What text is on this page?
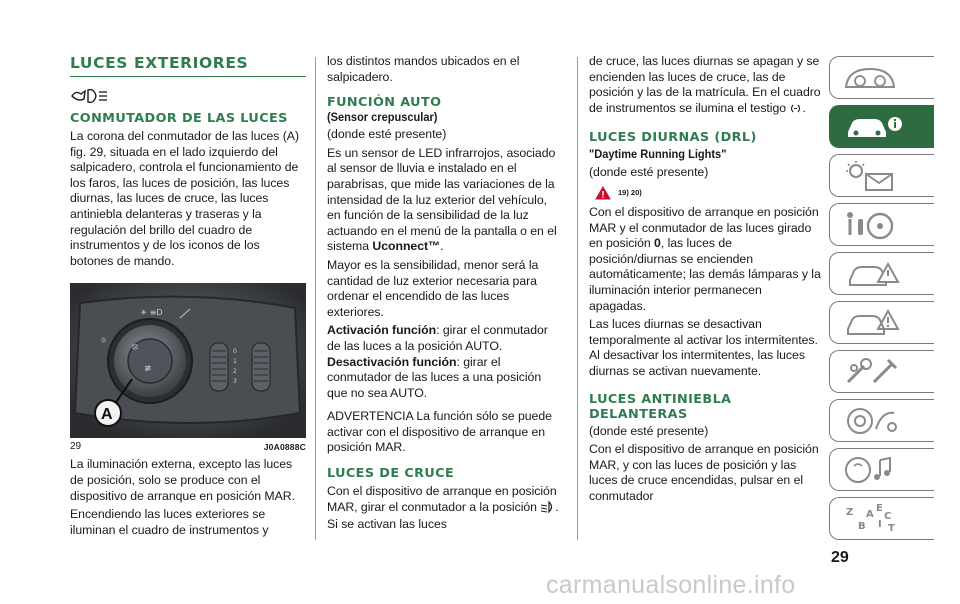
LUCES EXTERIORES
CONMUTADOR DE LAS LUCES
La corona del conmutador de las luces (A) fig. 29, situada en el lado izquierdo del salpicadero, controla el funcionamiento de los faros, las luces de posición, las luces diurnas, las luces de cruce, las luces antiniebla delanteras y traseras y la regulación del brillo del cuadro de instrumentos y de los iconos de los botones de mando.
⦻
≢
☀ ≡D
☼
0
1
2
3
A
29	J0A0888C
La iluminación externa, excepto las luces de posición, solo se produce con el dispositivo de arranque en posición MAR.
Encendiendo las luces exteriores se iluminan el cuadro de instrumentos y
los distintos mandos ubicados en el salpicadero.
FUNCIÓN AUTO
(Sensor crepuscular)
(donde esté presente)
Es un sensor de LED infrarrojos, asociado al sensor de lluvia e instalado en el parabrisas, que mide las variaciones de la intensidad de la luz exterior del vehículo, en función de la sensibilidad de la luz actuando en el menú de la pantalla o en el sistema Uconnect™.
Mayor es la sensibilidad, menor será la cantidad de luz exterior necesaria para ordenar el encendido de las luces exteriores.
Activación función: girar el conmutador de las luces a la posición AUTO.
Desactivación función: girar el conmutador de las luces a una posición que no sea AUTO.
ADVERTENCIA La función sólo se puede activar con el dispositivo de arranque en posición MAR.
LUCES DE CRUCE
Con el dispositivo de arranque en posición MAR, girar el conmutador a la posición . Si se activan las luces
de cruce, las luces diurnas se apagan y se encienden las luces de cruce, las de posición y las de la matrícula. En el cuadro de instrumentos se ilumina el testigo .
LUCES DIURNAS (DRL)
"Daytime Running Lights"
(donde esté presente)
19) 20)
Con el dispositivo de arranque en posición MAR y el conmutador de las luces girado en posición 0, las luces de posición/diurnas se encienden automáticamente; las demás lámparas y la iluminación interior permanecen apagadas.
Las luces diurnas se desactivan temporalmente al activar los intermitentes. Al desactivar los intermitentes, las luces diurnas se activan nuevamente.
LUCES ANTINIEBLA
DELANTERAS
(donde esté presente)
Con el dispositivo de arranque en posición MAR, y con las luces de posición y las luces de cruce encendidas, pulsar en el conmutador
Z
B
A
E
I
C
T
29
carmanualsonline.info
